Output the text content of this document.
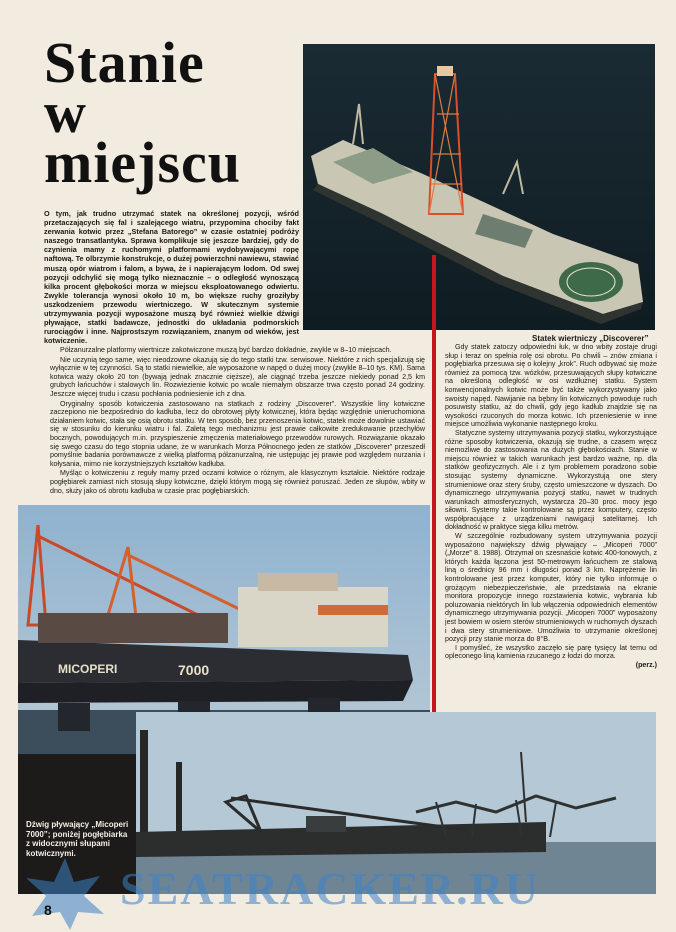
Stanie
w
miejscu
Statek wiertniczy „Discoverer”

O tym, jak trudno utrzymać statek na określonej pozycji, wśród przetaczających się fal i szalejącego wiatru, przypomina chociby fakt zerwania kotwic przez „Stefana Batorego” w czasie ostatniej podróży naszego transatlantyka. Sprawa komplikuje się jeszcze bardziej, gdy do czynienia mamy z ruchomymi platformami wydobywającymi ropę naftową. Te olbrzymie konstrukcje, o dużej powierzchni nawiewu, stawiać muszą opór wiatrom i falom, a bywa, że i napierającym lodom. Od swej pozycji odchylić się mogą tylko nieznacznie – o odległość wynoszącą kilka procent głębokości morza w miejscu eksploatowanego odwiertu. Zwykle tolerancja wynosi około 10 m, bo większe ruchy groziłyby uszkodzeniem przewodu wiertniczego. W skutecznym systemie utrzymywania pozycji wyposażone muszą być również wielkie dźwigi pływające, statki badawcze, jednostki do układania podmorskich rurociągów i inne. Najprostszym rozwiązaniem, znanym od wieków, jest kotwiczenie.

Półzanurzalne platformy wiertnicze zakotwiczone muszą być bardzo dokładnie, zwykle w 8–10 miejscach.

Nie uczynią tego same, więc nieodzowne okazują się do tego statki tzw. serwisowe. Niektóre z nich specjalizują się wyłącznie w tej czynności. Są to statki niewielkie, ale wyposażone w napęd o dużej mocy (zwykle 8–10 tys. KM). Sama kotwica waży około 20 ton (bywają jednak znacznie cięższe), ale ciągnąć trzeba jeszcze niekiedy ponad 2,5 km grubych łańcuchów i stalowych lin. Rozwiezienie kotwic po wcale niemałym obszarze trwa często ponad 24 godziny. Jeszcze więcej trudu i czasu pochłania podniesienie ich z dna.

Oryginalny sposób kotwiczenia zastosowano na statkach z rodziny „Discoverer”. Wszystkie liny kotwiczne zaczepiono nie bezpośrednio do kadłuba, lecz do obrotowej płyty kotwicznej, która będąc względnie unieruchomiona działaniem kotwic, stała się osią obrotu statku. W ten sposób, bez przenoszenia kotwic, statek może dowolnie ustawiać się w stosunku do kierunku wiatru i fal. Zaletą tego mechanizmu jest prawie całkowite zredukowanie przechyłów bocznych, powodujących m.in. przyspieszenie zmęczenia materiałowego przewodów rurowych. Rozwiązanie okazało się swego czasu do tego stopnia udane, że w warunkach Morza Północnego jeden ze statków „Discoverer” przeszedł pomyślnie badania porównawcze z wielką platformą półzanurzalną, nie ustępując jej prawie pod względem nurzania i kołysania, mimo nie korzystniejszych kształtów kadłuba.

Myśląc o kotwiczeniu z reguły mamy przed oczami kotwice o różnym, ale klasycznym kształcie. Niektóre rodzaje pogłębiarek zamiast nich stosują słupy kotwiczne, dzięki którym mogą się również poruszać. Jeden ze słupów, wbity w dno, służy jako oś obrotu kadłuba w czasie prac pogłębiarskich.

Gdy statek zatoczy odpowiedni łuk, w dno wbity zostaje drugi słup i teraz on spełnia rolę osi obrotu. Po chwili – znów zmiana i pogłębiarka przesuwa się o kolejny „krok”. Ruch odbywać się może również za pomocą tzw. wózków, przesuwających słupy kotwiczne na określoną odległość w osi wzdłużnej statku. System konwencjonalnych kotwic może być także wykorzystywany jako swoisty napęd. Nawijanie na bębny lin kotwicznych powoduje ruch posuwisty statku, aż do chwili, gdy jego kadłub znajdzie się na wysokości rzuconych do morza kotwic. Ich przeniesienie w inne miejsce umożliwia wykonanie następnego kroku.

Statyczne systemy utrzymywania pozycji statku, wykorzystujące różne sposoby kotwiczenia, okazują się trudne, a czasem wręcz niemożliwe do zastosowania na dużych głębokościach. Stanie w miejscu również w takich warunkach jest bardzo ważne, np. dla statków geofizycznych. Ale i z tym problemem poradzono sobie stosując systemy dynamiczne. Wykorzystują one stery strumieniowe oraz stery śruby, często umieszczone w dyszach. Do dynamicznego utrzymywania pozycji statku, nawet w trudnych warunkach atmosferycznych, wystarcza 20–30 proc. mocy jego siłowni. Systemy takie kontrolowane są przez komputery, często współpracujące z urządzeniami nawigacji satelitarnej. Ich dokładność w praktyce sięga kilku metrów.

W szczególnie rozbudowany system utrzymywania pozycji wyposażono największy dźwig pływający – „Micoperi 7000” („Morze” 8. 1988). Otrzymał on szesnaście kotwic 400-tonowych, z których każda łączona jest 50-metrowym łańcuchem ze stalową liną o średnicy 96 mm i długości ponad 3 km. Naprężenie lin kontrolowane jest przez komputer, który nie tylko informuje o grożącym niebezpieczeństwie, ale przedstawia na ekranie monitora propozycje innego rozstawienia kotwic, wybrania lub poluzowania niektórych lin lub włączenia odpowiednich elementów dynamicznego utrzymywania pozycji. „Micoperi 7000” wyposażony jest bowiem w osiem sterów strumieniowych w ruchomych dyszach i dwa stery strumieniowe. Umożliwia to utrzymanie określonej pozycji przy stanie morza do 8°B.

I pomyśleć, że wszystko zaczęło się parę tysięcy lat temu od opleconego liną kamienia rzucanego z łodzi do morza.

(perz.)

MICOPERI	7000
Dźwig pływający „Micoperi 7000”; poniżej pogłębiarka z widocznymi słupami kotwicznymi.
SEATRACKER.RU
8
